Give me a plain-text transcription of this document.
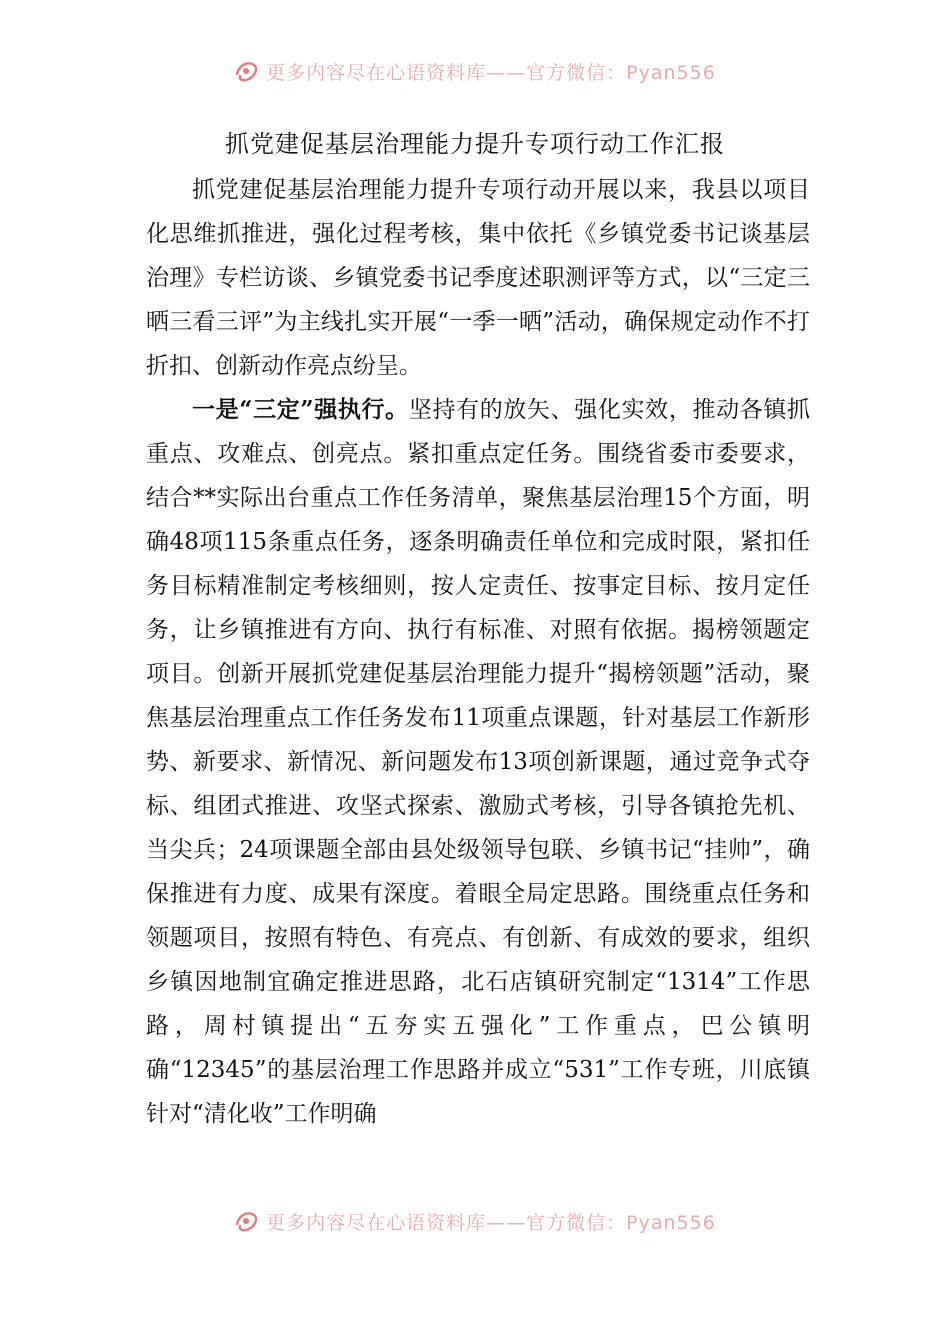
更多内容尽在心语资料库——官方微信：Pyan556
抓党建促基层治理能力提升专项行动工作汇报

抓党建促基层治理能力提升专项行动开展以来，我县以项目化思维抓推进，强化过程考核，集中依托《乡镇党委书记谈基层治理》专栏访谈、乡镇党委书记季度述职测评等方式，以“三定三晒三看三评”为主线扎实开展“一季一晒”活动，确保规定动作不打折扣、创新动作亮点纷呈。

一是“三定”强执行。坚持有的放矢、强化实效，推动各镇抓重点、攻难点、创亮点。紧扣重点定任务。围绕省委市委要求，结合**实际出台重点工作任务清单，聚焦基层治理15个方面，明确48项115条重点任务，逐条明确责任单位和完成时限，紧扣任务目标精准制定考核细则，按人定责任、按事定目标、按月定任务，让乡镇推进有方向、执行有标准、对照有依据。揭榜领题定项目。创新开展抓党建促基层治理能力提升“揭榜领题”活动，聚焦基层治理重点工作任务发布11项重点课题，针对基层工作新形势、新要求、新情况、新问题发布13项创新课题，通过竞争式夺标、组团式推进、攻坚式探索、激励式考核，引导各镇抢先机、当尖兵；24项课题全部由县处级领导包联、乡镇书记“挂帅”，确保推进有力度、成果有深度。着眼全局定思路。围绕重点任务和领题项目，按照有特色、有亮点、有创新、有成效的要求，组织乡镇因地制宜确定推进思路，北石店镇研究制定“1314”工作思路，周村镇提出“五夯实五强化”工作重点，巴公镇明确“12345”的基层治理工作思路并成立“531”工作专班，川底镇针对“清化收”工作明确

更多内容尽在心语资料库——官方微信：Pyan556
